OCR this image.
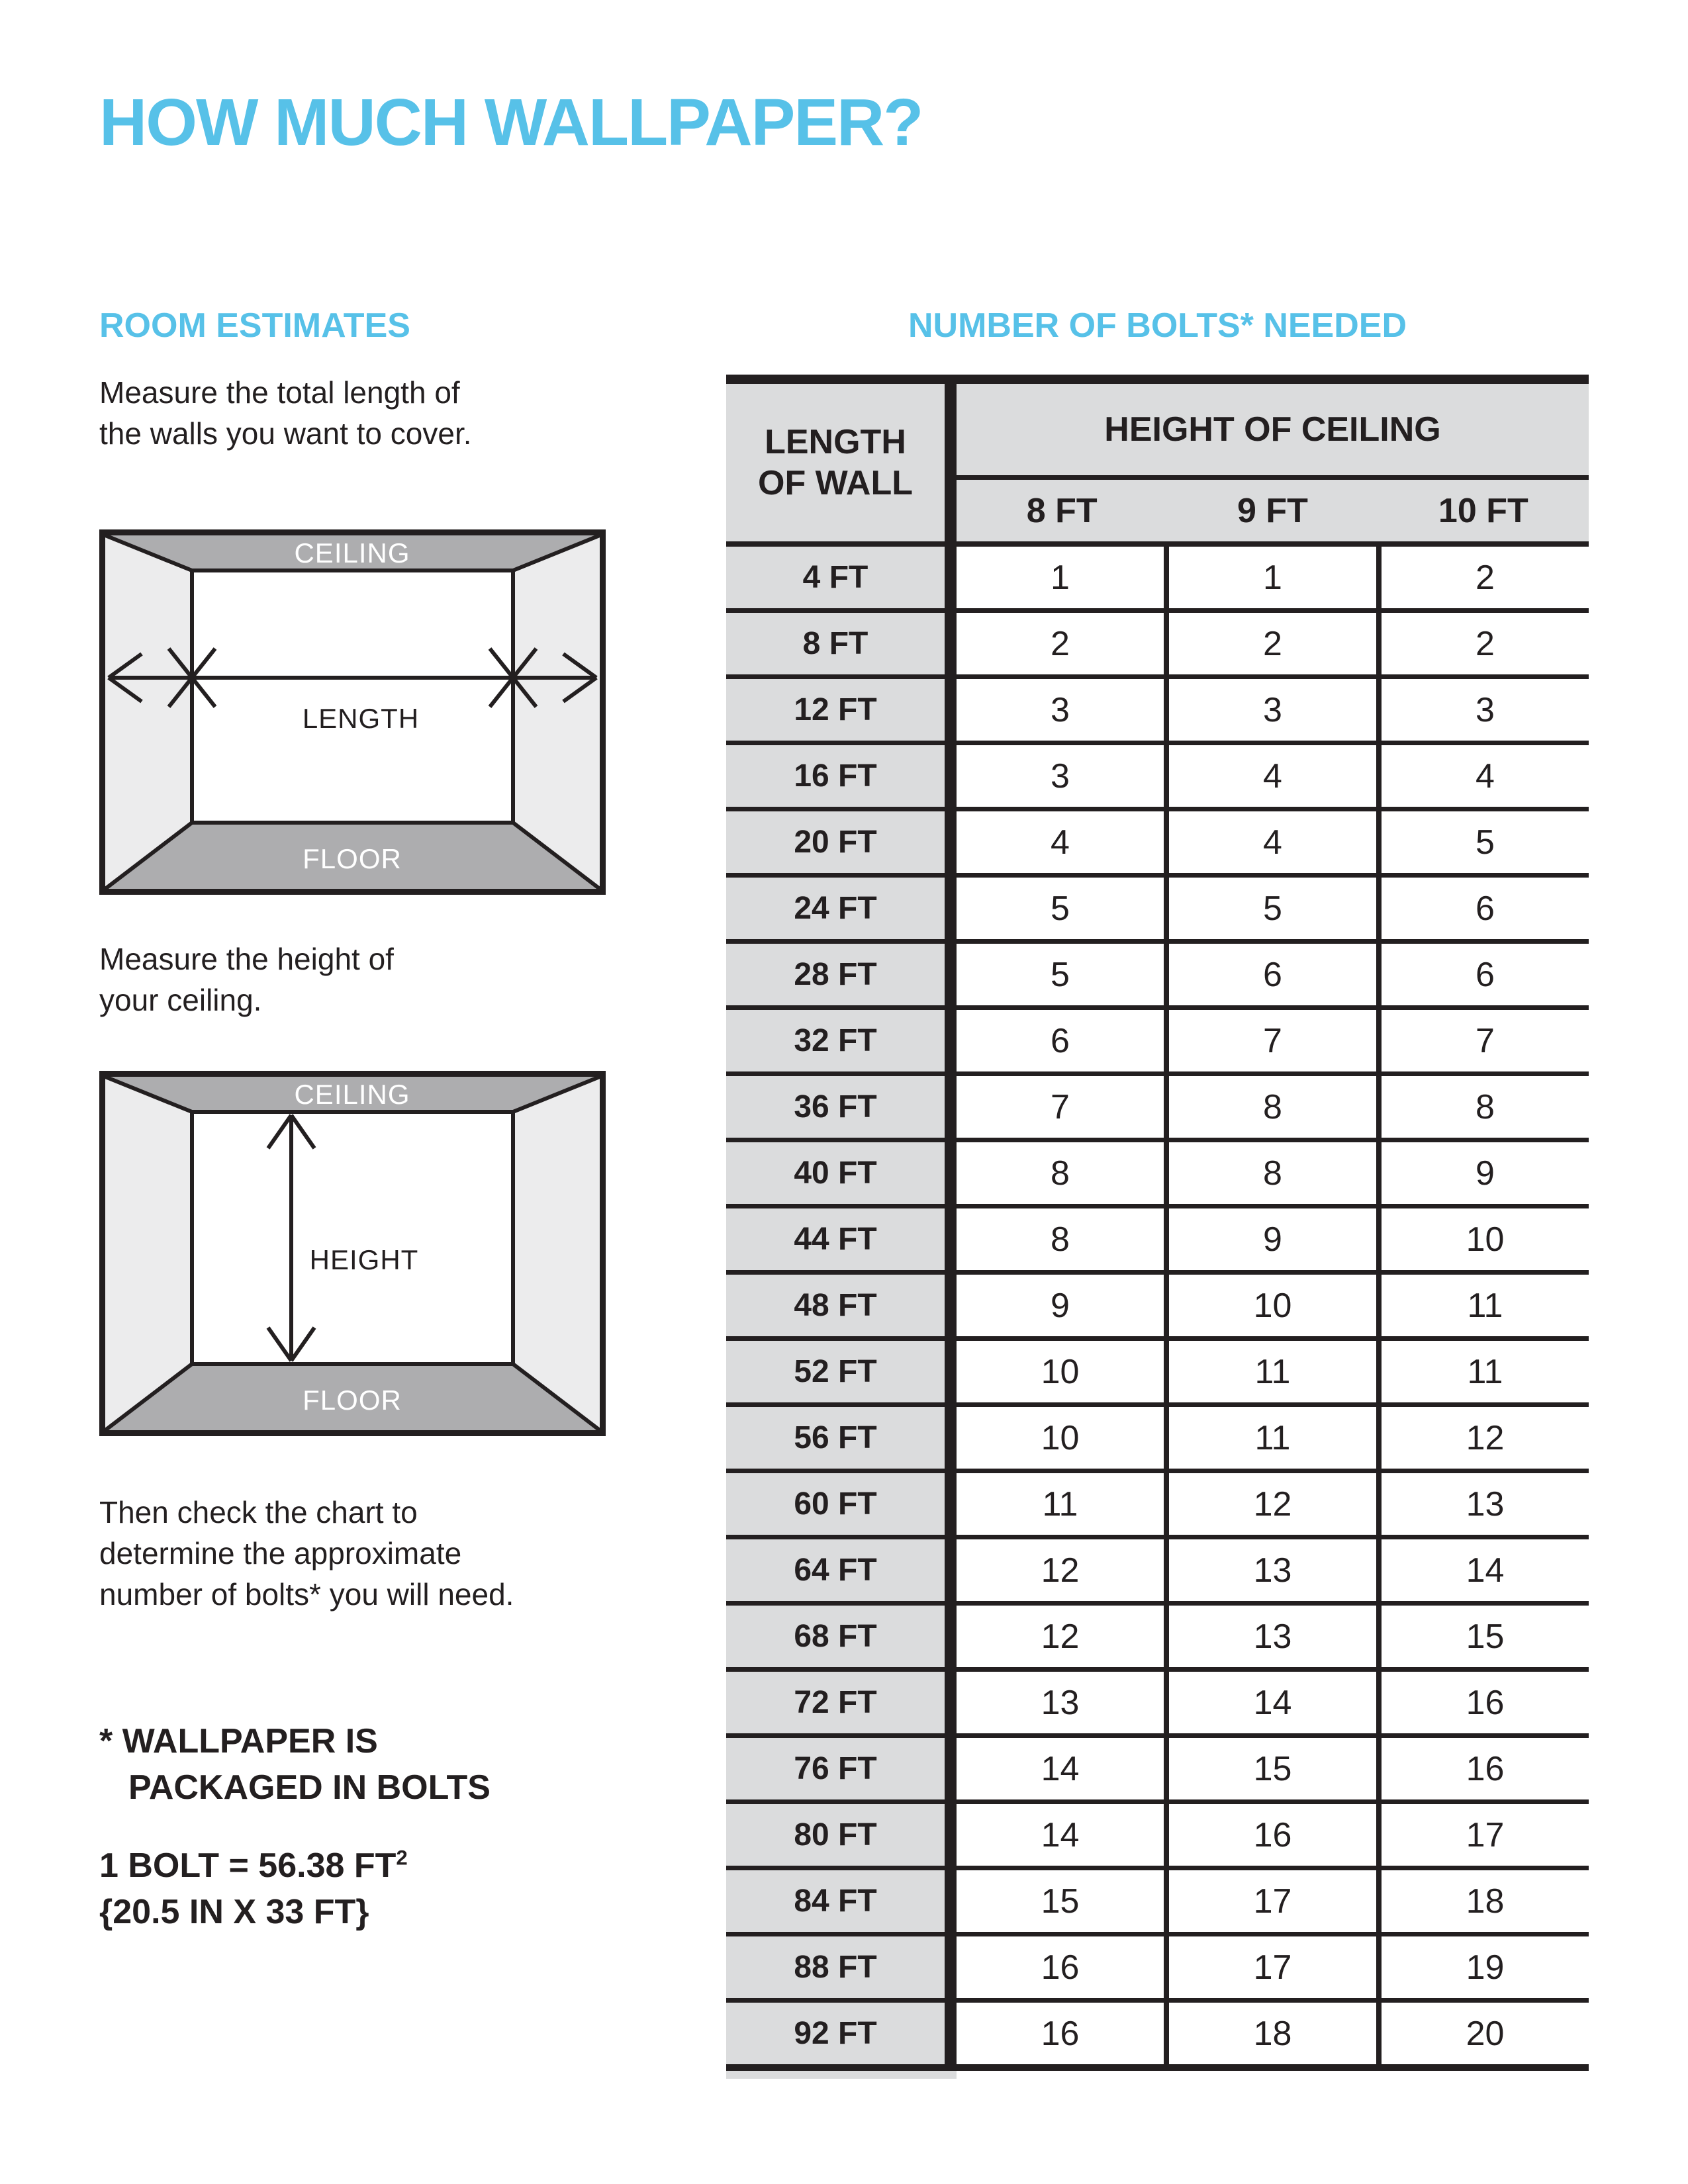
HOW MUCH WALLPAPER?
ROOM ESTIMATES
Measure the total length of
the walls you want to cover.
CEILING
FLOOR
LENGTH
Measure the height of
your ceiling.
CEILING
FLOOR
HEIGHT
Then check the chart to
determine the approximate
number of bolts* you will need.
* WALLPAPER IS
PACKAGED IN BOLTS
1 BOLT = 56.38 $FT^2$
{20.5 IN X 33 FT}
NUMBER OF BOLTS* NEEDED
LENGTH
OF WALL
HEIGHT OF CEILING
8 FT	9 FT	10 FT
4 FT	1	1	2
8 FT	2	2	2
12 FT	3	3	3
16 FT	3	4	4
20 FT	4	4	5
24 FT	5	5	6
28 FT	5	6	6
32 FT	6	7	7
36 FT	7	8	8
40 FT	8	8	9
44 FT	8	9	10
48 FT	9	10	11
52 FT	10	11	11
56 FT	10	11	12
60 FT	11	12	13
64 FT	12	13	14
68 FT	12	13	15
72 FT	13	14	16
76 FT	14	15	16
80 FT	14	16	17
84 FT	15	17	18
88 FT	16	17	19
92 FT	16	18	20
